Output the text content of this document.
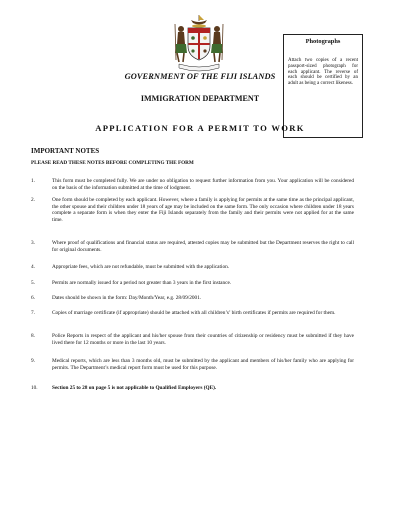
Photographs

Attach two copies of a recent passport-sized photograph for each applicant. The reverse of each should be certified by an adult as being a correct likeness.

GOVERNMENT OF THE FIJI ISLANDS
IMMIGRATION DEPARTMENT
APPLICATION FOR A PERMIT TO WORK
IMPORTANT NOTES
PLEASE READ THESE NOTES BEFORE COMPLETING THE FORM
1.	This form must be completed fully. We are under no obligation to request further information from you. Your application will be considered on the basis of the information submitted at the time of lodgment.

2.	One form should be completed by each applicant. However, where a family is applying for permits at the same time as the principal applicant, the other spouse and their children under 18 years of age may be included on the same form. The only occasion where children under 18 years complete a separate form is when they enter the Fiji Islands separately from the family and their permits were not applied for at the same time.

3.	Where proof of qualifications and financial status are required, attested copies may be submitted but the Department reserves the right to call for original documents.

4.	Appropriate fees, which are not refundable, must be submitted with the application.

5.	Permits are normally issued for a period not greater than 3 years in the first instance.

6.	Dates should be shown in the form: Day/Month/Year, e.g. 28/09/2001.

7.	Copies of marriage certificate (if appropriate) should be attached with all children’s’ birth certificates if permits are required for them.

8.	Police Reports in respect of the applicant and his/her spouse from their countries of citizenship or residency must be submitted if they have lived there for 12 months or more in the last 10 years.

9.	Medical reports, which are less than 3 months old, must be submitted by the applicant and members of his/her family who are applying for permits. The Department’s medical report form must be used for this purpose.

10.	Section 25 to 28 on page 5 is not applicable to Qualified Employers (QE).
